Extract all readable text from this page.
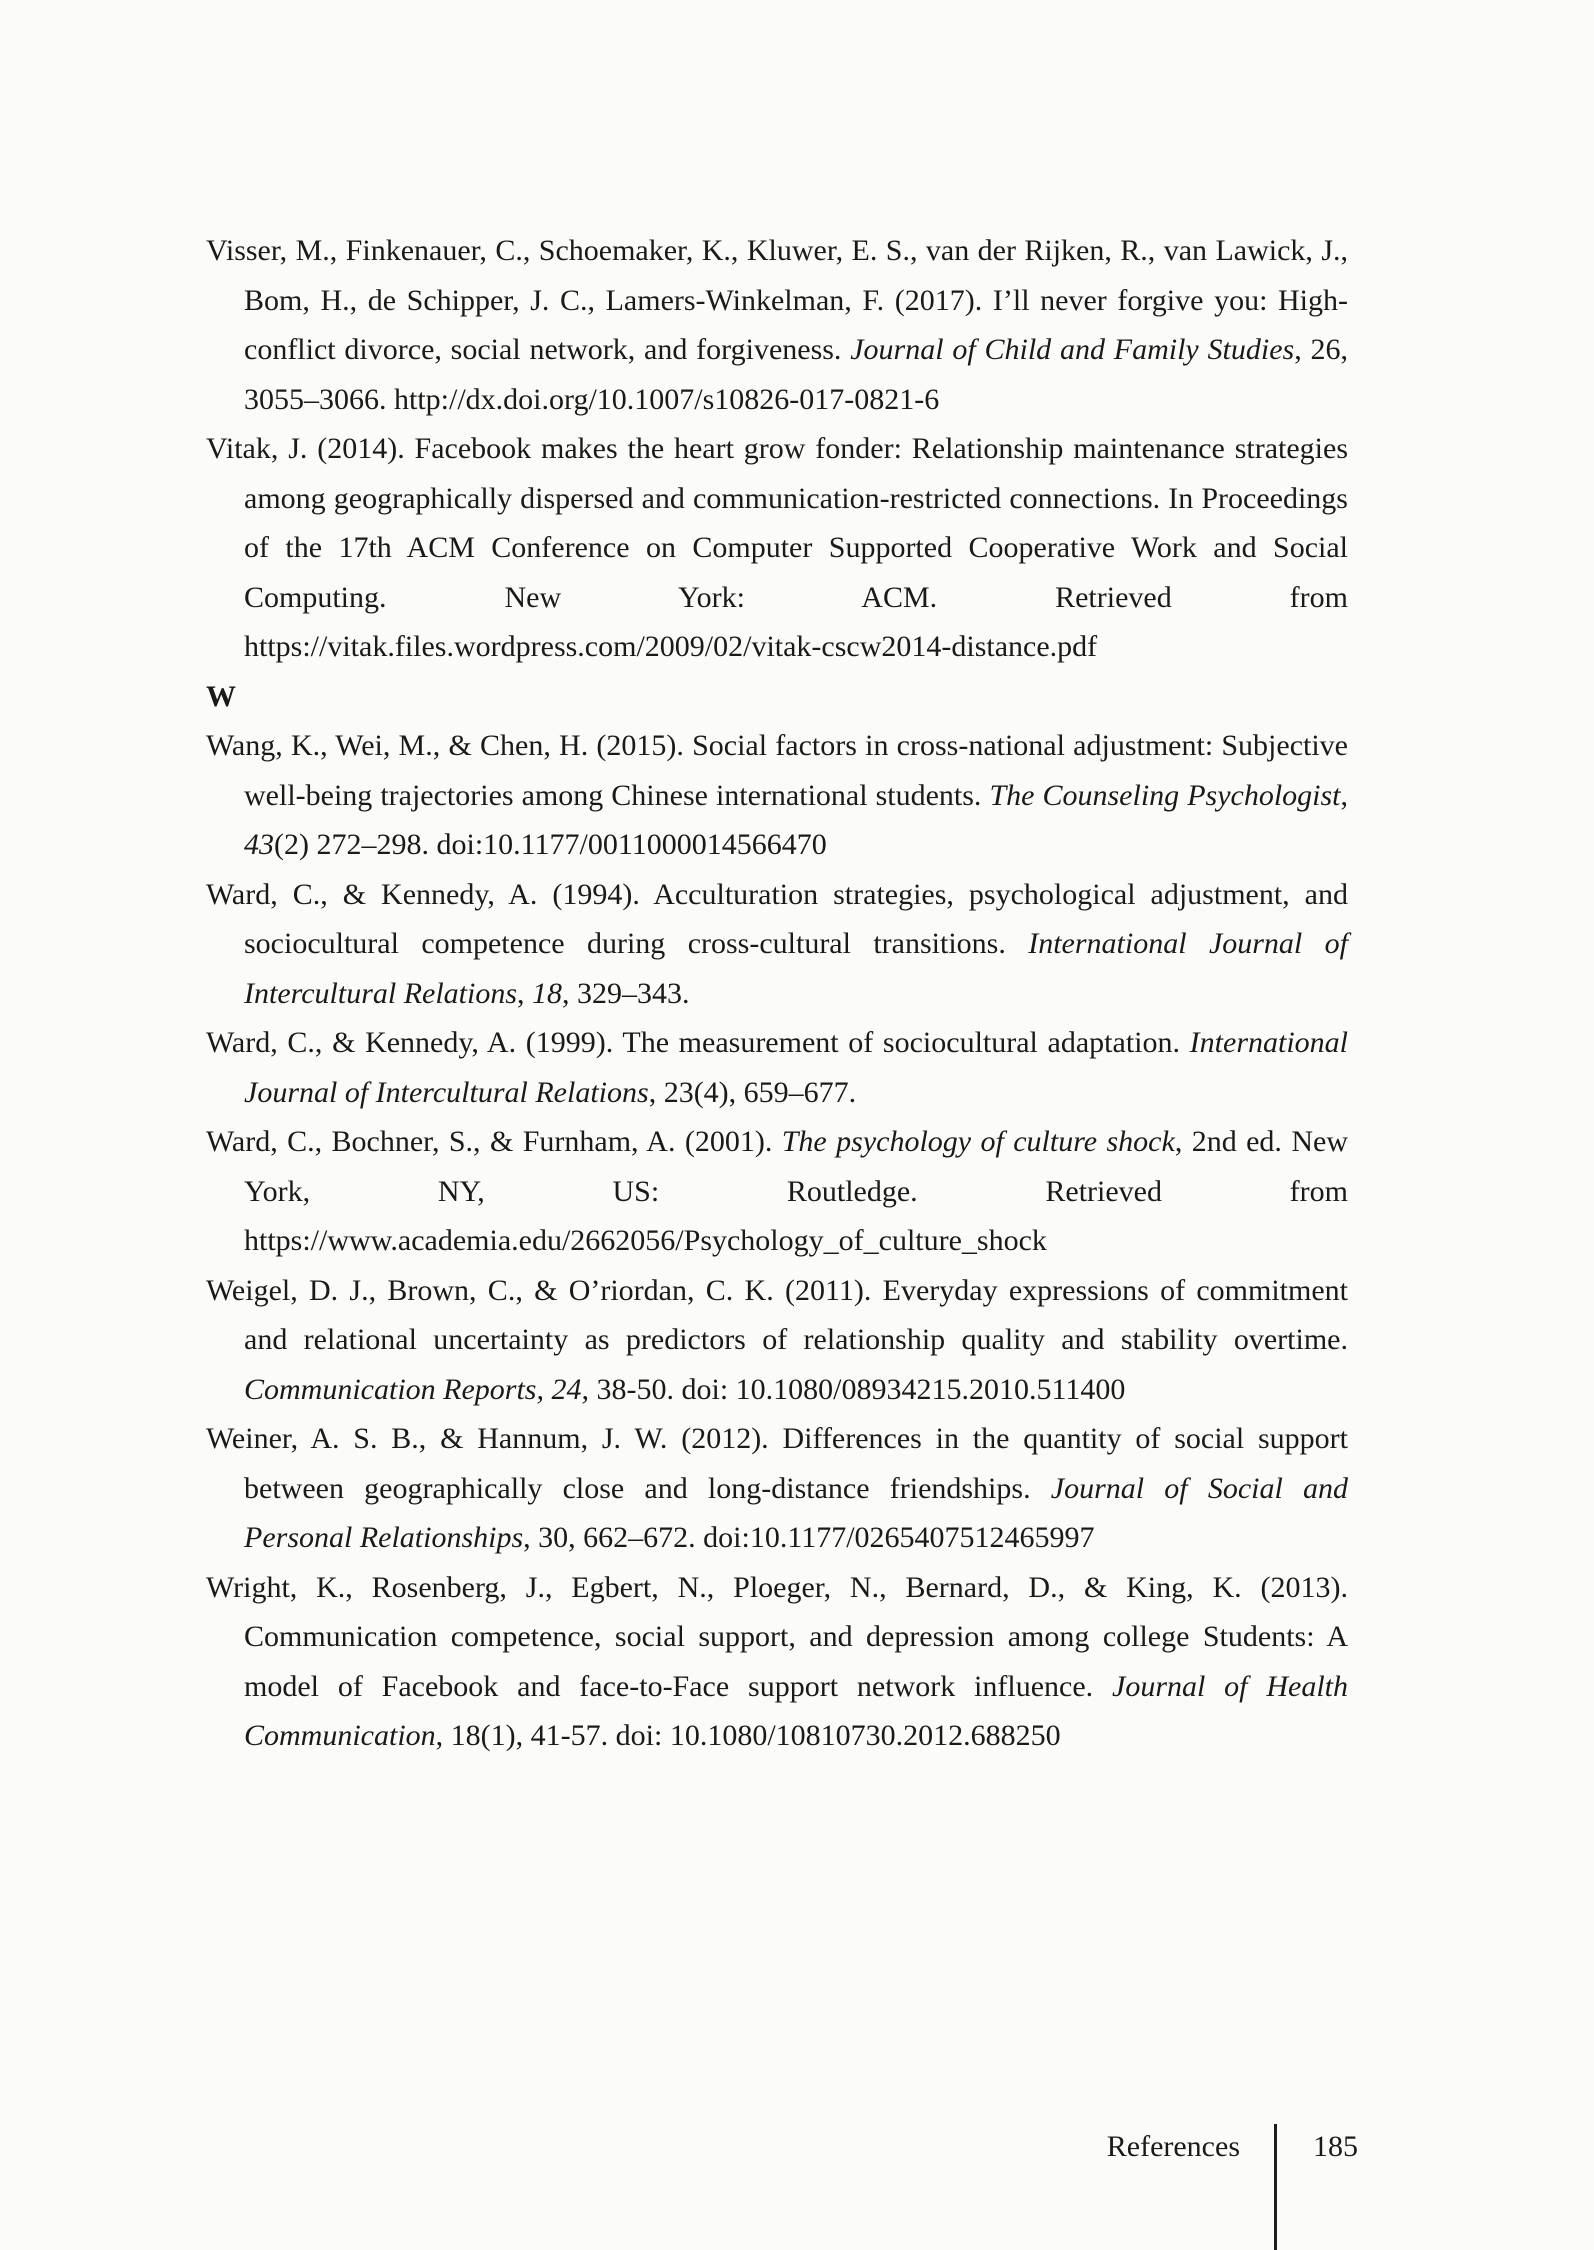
Visser, M., Finkenauer, C., Schoemaker, K., Kluwer, E. S., van der Rijken, R., van Lawick, J., Bom, H., de Schipper, J. C., Lamers-Winkelman, F. (2017). I’ll never forgive you: High-conflict divorce, social network, and forgiveness. Journal of Child and Family Studies, 26, 3055–3066. http://dx.doi.org/10.1007/s10826-017-0821-6

Vitak, J. (2014). Facebook makes the heart grow fonder: Relationship maintenance strategies among geographically dispersed and communication-restricted connections. In Proceedings of the 17th ACM Conference on Computer Supported Cooperative Work and Social Computing. New York: ACM. Retrieved from https://vitak.files.wordpress.com/2009/02/vitak-cscw2014-distance.pdf

W

Wang, K., Wei, M., & Chen, H. (2015). Social factors in cross-national adjustment: Subjective well-being trajectories among Chinese international students. The Counseling Psychologist, 43(2) 272–298. doi:10.1177/0011000014566470

Ward, C., & Kennedy, A. (1994). Acculturation strategies, psychological adjustment, and sociocultural competence during cross-cultural transitions. International Journal of Intercultural Relations, 18, 329–343.

Ward, C., & Kennedy, A. (1999). The measurement of sociocultural adaptation. International Journal of Intercultural Relations, 23(4), 659–677.

Ward, C., Bochner, S., & Furnham, A. (2001). The psychology of culture shock, 2nd ed. New York, NY, US: Routledge. Retrieved from https://www.academia.edu/2662056/Psychology_of_culture_shock

Weigel, D. J., Brown, C., & O’riordan, C. K. (2011). Everyday expressions of commitment and relational uncertainty as predictors of relationship quality and stability overtime. Communication Reports, 24, 38-50. doi: 10.1080/08934215.2010.511400

Weiner, A. S. B., & Hannum, J. W. (2012). Differences in the quantity of social support between geographically close and long-distance friendships. Journal of Social and Personal Relationships, 30, 662–672. doi:10.1177/0265407512465997

Wright, K., Rosenberg, J., Egbert, N., Ploeger, N., Bernard, D., & King, K. (2013). Communication competence, social support, and depression among college Students: A model of Facebook and face-to-Face support network influence. Journal of Health Communication, 18(1), 41-57. doi: 10.1080/10810730.2012.688250

References 185
